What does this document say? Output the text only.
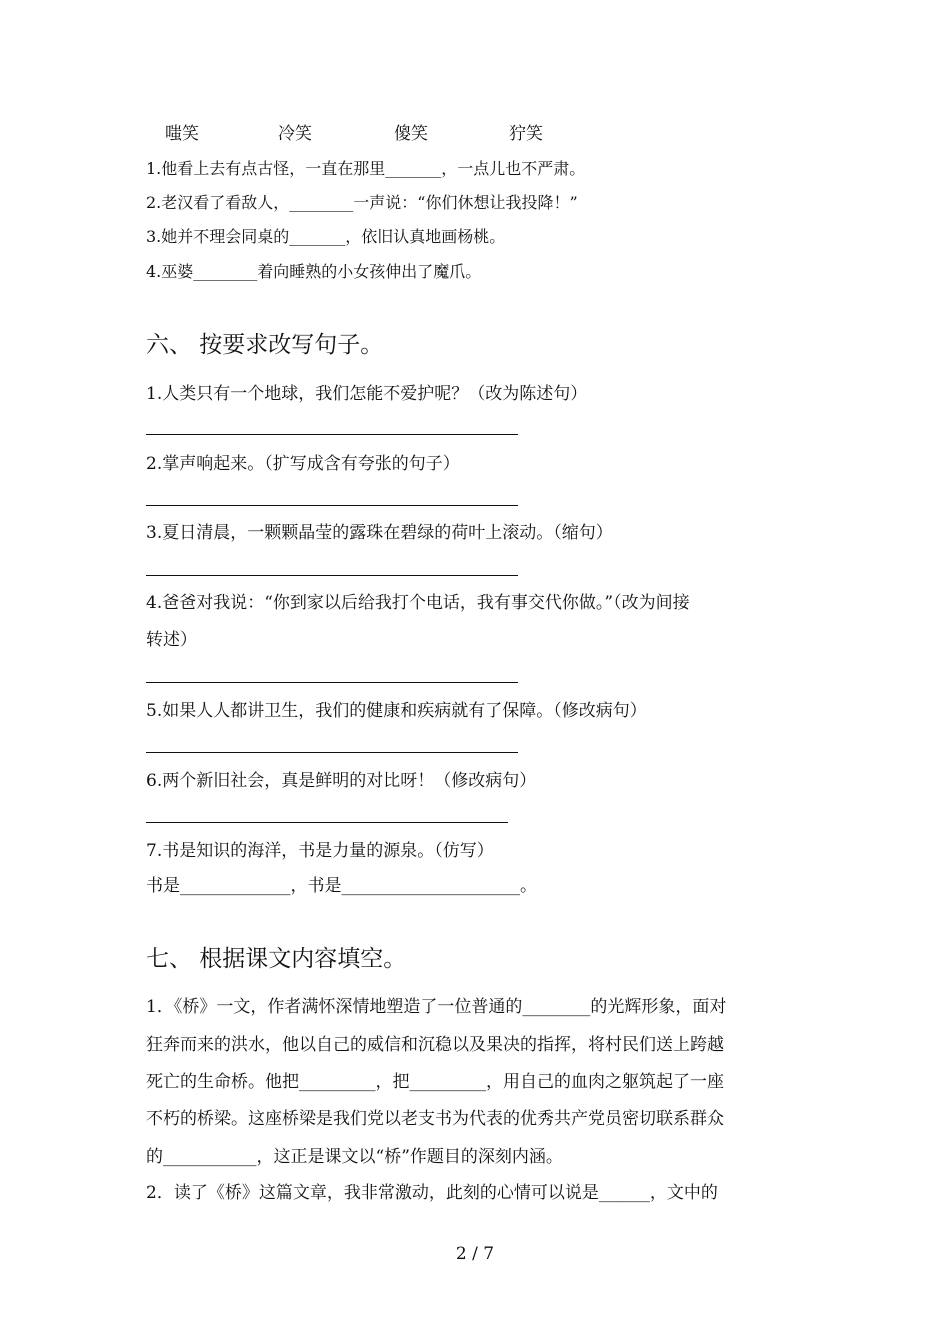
嗤笑	冷笑	傻笑	狞笑
1.他看上去有点古怪，一直在那里_______，一点儿也不严肃。
2.老汉看了看敌人，________一声说：“你们休想让我投降！”
3.她并不理会同桌的_______，依旧认真地画杨桃。
4.巫婆________着向睡熟的小女孩伸出了魔爪。
六、 按要求改写句子。
1.人类只有一个地球，我们怎能不爱护呢？（改为陈述句）
2.掌声响起来。（扩写成含有夸张的句子）
3.夏日清晨，一颗颗晶莹的露珠在碧绿的荷叶上滚动。（缩句）
4.爸爸对我说：“你到家以后给我打个电话，我有事交代你做。”（改为间接
转述）
5.如果人人都讲卫生，我们的健康和疾病就有了保障。（修改病句）
6.两个新旧社会，真是鲜明的对比呀！（修改病句）
7.书是知识的海洋，书是力量的源泉。（仿写）
书是_____________，书是_____________________。
七、 根据课文内容填空。
1．《桥》一文，作者满怀深情地塑造了一位普通的________的光辉形象，面对
狂奔而来的洪水，他以自己的威信和沉稳以及果决的指挥，将村民们送上跨越
死亡的生命桥。他把_________，把_________，用自己的血肉之躯筑起了一座
不朽的桥梁。这座桥梁是我们党以老支书为代表的优秀共产党员密切联系群众
的___________，这正是课文以“桥”作题目的深刻内涵。
2．读了《桥》这篇文章，我非常激动，此刻的心情可以说是______，文中的
2 / 7
